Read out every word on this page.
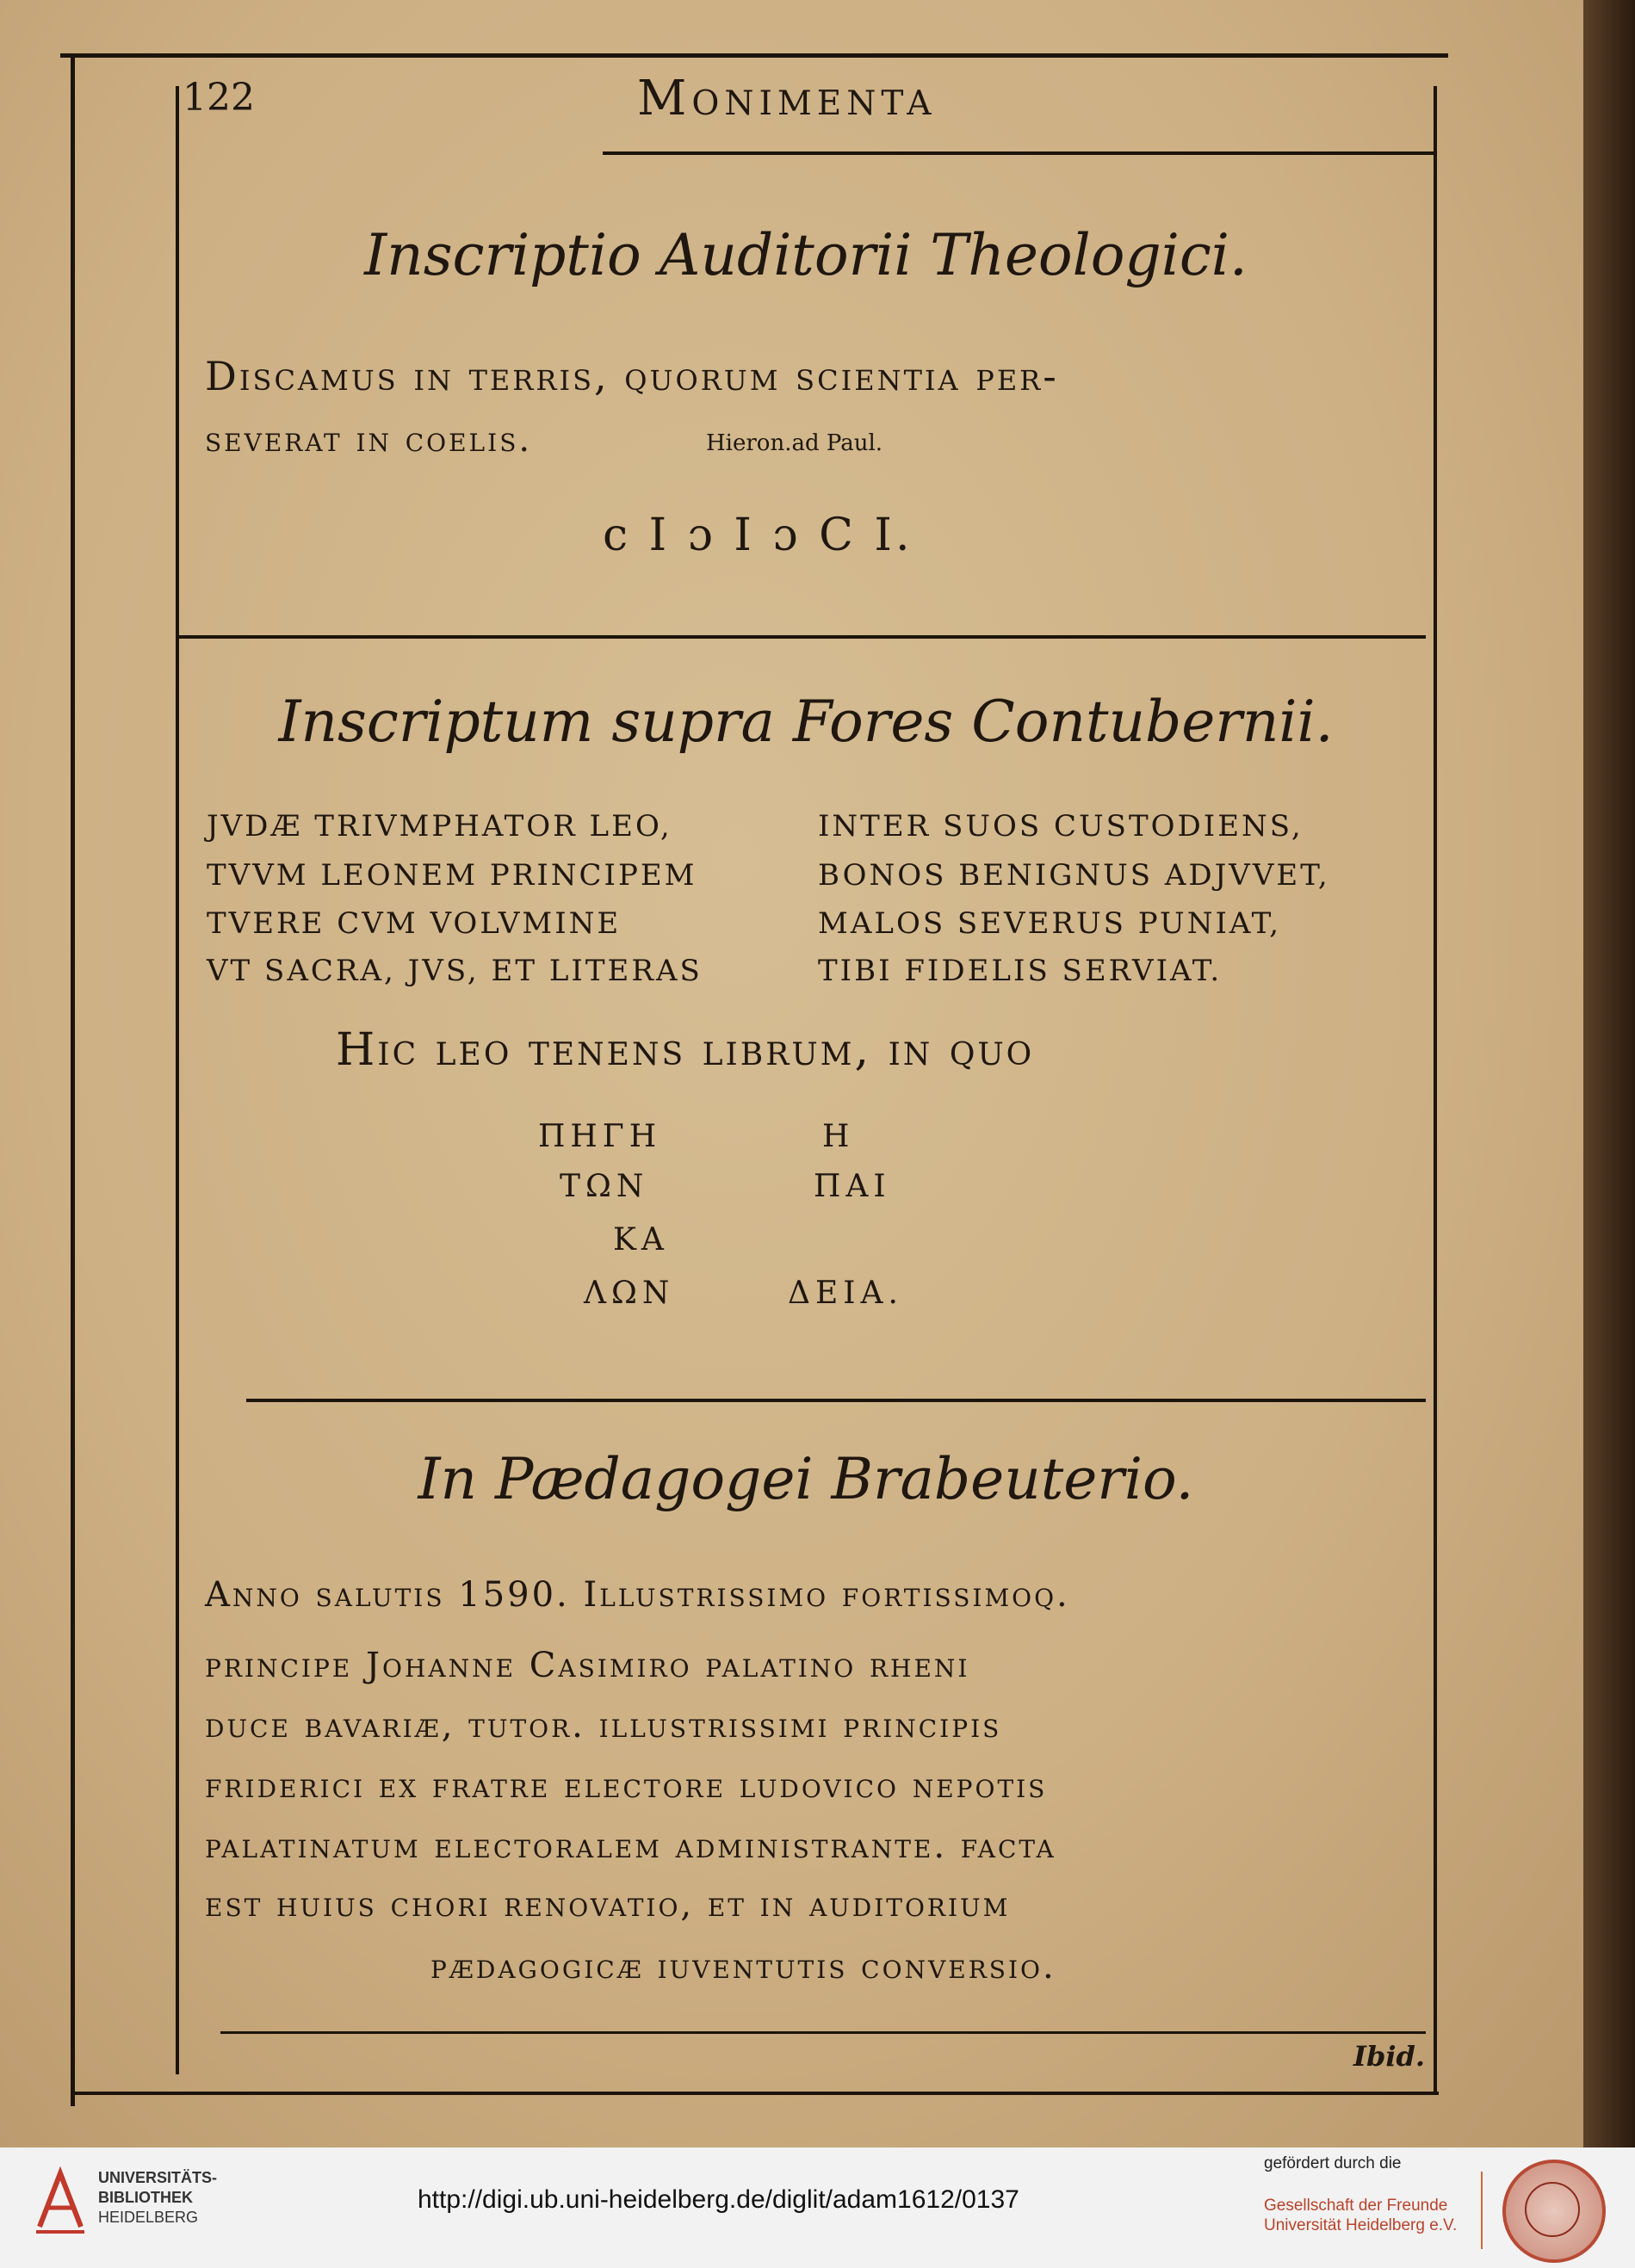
122	Monimenta
Inscriptio Auditorii Theologici.
Discamus in terris, quorum scientia per-
severat in coelis.	Hieron.ad Paul.
c I ɔ I ɔ C I.
Inscriptum supra Fores Contubernii.
JVDÆ TRIVMPHATOR LEO,
TVVM LEONEM PRINCIPEM
TVERE CVM VOLVMINE
VT SACRA, JVS, ET LITERAS
INTER SUOS CUSTODIENS,
BONOS BENIGNUS ADJVVET,
MALOS SEVERUS PUNIAT,
TIBI FIDELIS SERVIAT.
Hic leo tenens librum, in quo
ΠΗΓΗ
ΤΩΝ
ΚΑ
ΛΩΝ
Η
ΠΑΙ
ΔΕΙΑ.
In Pædagogei Brabeuterio.
Anno salutis 1590. Illustrissimo fortissimoq.
principe Johanne Casimiro palatino rheni
duce bavariæ, tutor. illustrissimi principis
friderici ex fratre electore ludovico nepotis
palatinatum electoralem administrante. facta
est huius chori renovatio, et in auditorium
pædagogicæ iuventutis conversio.
Ibid.
UNIVERSITÄTS-
BIBLIOTHEK
HEIDELBERG
http://digi.ub.uni-heidelberg.de/diglit/adam1612/0137
gefördert durch die
Gesellschaft der Freunde
Universität Heidelberg e.V.
